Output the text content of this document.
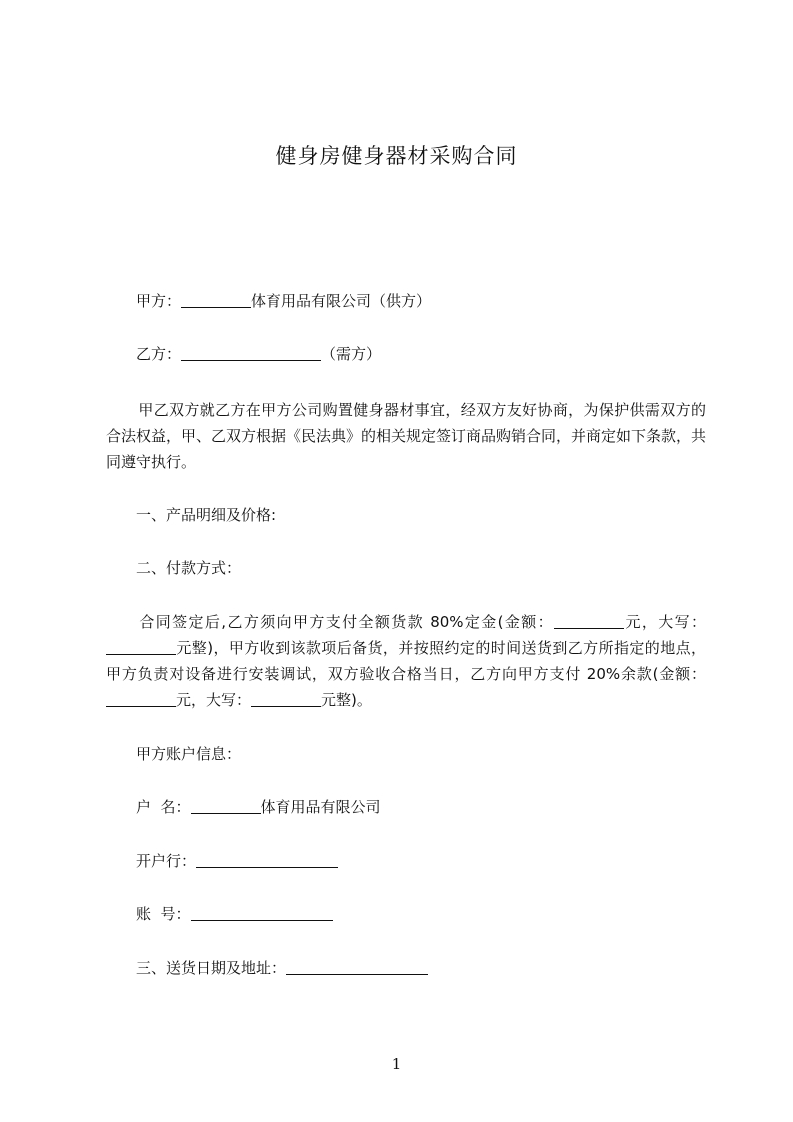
健身房健身器材采购合同
甲方：	体育用品有限公司（供方）
乙方：	（需方）
甲乙双方就乙方在甲方公司购置健身器材事宜，经双方友好协商，为保护供需双方的合法权益，甲、乙双方根据《民法典》的相关规定签订商品购销合同，并商定如下条款，共同遵守执行。
一、产品明细及价格:
二、付款方式：
合同签定后,乙方须向甲方支付全额货款 80%定金(金额：	元，大写：元整)，甲方收到该款项后备货，并按照约定的时间送货到乙方所指定的地点，甲方负责对设备进行安装调试，双方验收合格当日，乙方向甲方支付 20%余款(金额：元，大写：	元整)。
甲方账户信息：
户  名：	体育用品有限公司
开户行：
账  号：
三、送货日期及地址：
1
